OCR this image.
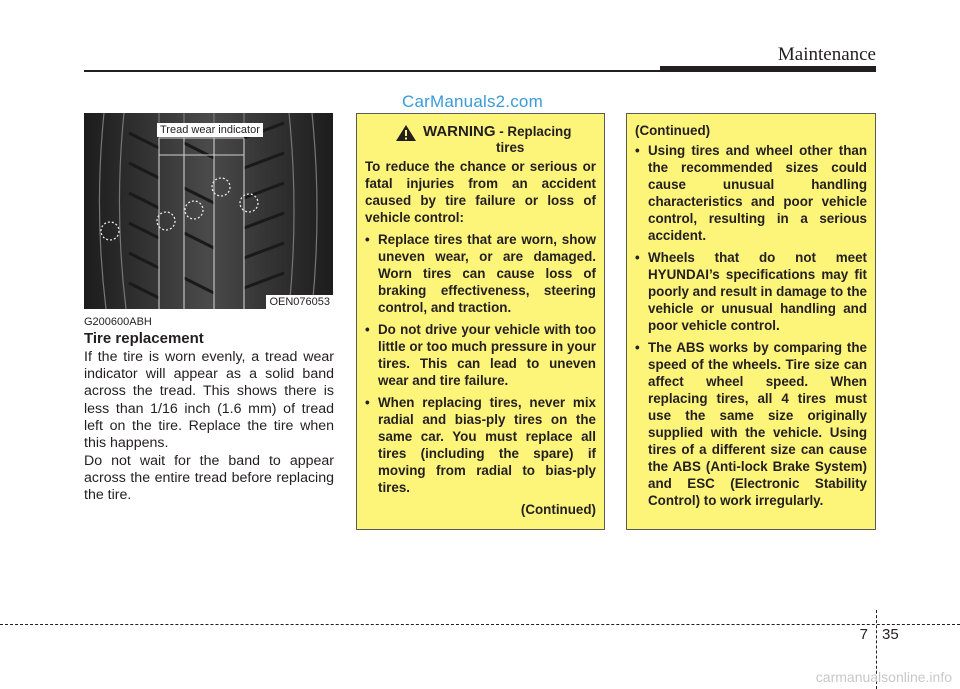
Maintenance
CarManuals2.com
Tread wear indicator
OEN076053
G200600ABH
Tire replacement

If the tire is worn evenly, a tread wear indicator will appear as a solid band across the tread. This shows there is less than 1/16 inch (1.6 mm) of tread left on the tire. Replace the tire when this happens.

Do not wait for the band to appear across the entire tread before replacing the tire.

WARNING - Replacing
tires

To reduce the chance or serious or fatal injuries from an accident caused by tire failure or loss of vehicle control:

• Replace tires that are worn, show uneven wear, or are damaged. Worn tires can cause loss of braking effectiveness, steering control, and traction.
• Do not drive your vehicle with too little or too much pressure in your tires. This can lead to uneven wear and tire failure.
• When replacing tires, never mix radial and bias-ply tires on the same car. You must replace all tires (including the spare) if moving from radial to bias-ply tires.

(Continued)

(Continued)

• Using tires and wheel other than the recommended sizes could cause unusual handling characteristics and poor vehicle control, resulting in a serious accident.
• Wheels that do not meet HYUNDAI’s specifications may fit poorly and result in damage to the vehicle or unusual handling and poor vehicle control.
• The ABS works by comparing the speed of the wheels. Tire size can affect wheel speed. When replacing tires, all 4 tires must use the same size originally supplied with the vehicle. Using tires of a different size can cause the ABS (Anti-lock Brake System) and ESC (Electronic Stability Control) to work irregularly.
7 35
carmanualsonline.info
